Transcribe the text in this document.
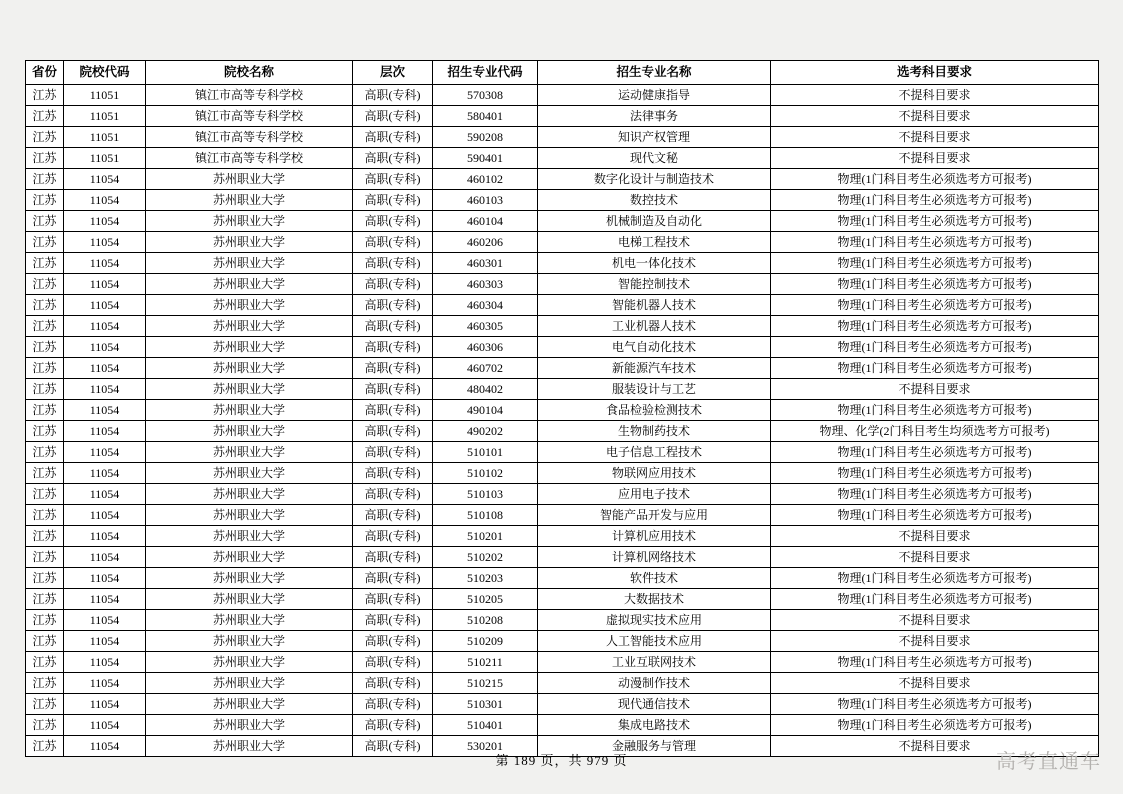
省份	院校代码	院校名称	层次	招生专业代码	招生专业名称	选考科目要求
江苏	11051	镇江市高等专科学校	高职(专科)	570308	运动健康指导	不提科目要求
江苏	11051	镇江市高等专科学校	高职(专科)	580401	法律事务	不提科目要求
江苏	11051	镇江市高等专科学校	高职(专科)	590208	知识产权管理	不提科目要求
江苏	11051	镇江市高等专科学校	高职(专科)	590401	现代文秘	不提科目要求
江苏	11054	苏州职业大学	高职(专科)	460102	数字化设计与制造技术	物理(1门科目考生必须选考方可报考)
江苏	11054	苏州职业大学	高职(专科)	460103	数控技术	物理(1门科目考生必须选考方可报考)
江苏	11054	苏州职业大学	高职(专科)	460104	机械制造及自动化	物理(1门科目考生必须选考方可报考)
江苏	11054	苏州职业大学	高职(专科)	460206	电梯工程技术	物理(1门科目考生必须选考方可报考)
江苏	11054	苏州职业大学	高职(专科)	460301	机电一体化技术	物理(1门科目考生必须选考方可报考)
江苏	11054	苏州职业大学	高职(专科)	460303	智能控制技术	物理(1门科目考生必须选考方可报考)
江苏	11054	苏州职业大学	高职(专科)	460304	智能机器人技术	物理(1门科目考生必须选考方可报考)
江苏	11054	苏州职业大学	高职(专科)	460305	工业机器人技术	物理(1门科目考生必须选考方可报考)
江苏	11054	苏州职业大学	高职(专科)	460306	电气自动化技术	物理(1门科目考生必须选考方可报考)
江苏	11054	苏州职业大学	高职(专科)	460702	新能源汽车技术	物理(1门科目考生必须选考方可报考)
江苏	11054	苏州职业大学	高职(专科)	480402	服装设计与工艺	不提科目要求
江苏	11054	苏州职业大学	高职(专科)	490104	食品检验检测技术	物理(1门科目考生必须选考方可报考)
江苏	11054	苏州职业大学	高职(专科)	490202	生物制药技术	物理、化学(2门科目考生均须选考方可报考)
江苏	11054	苏州职业大学	高职(专科)	510101	电子信息工程技术	物理(1门科目考生必须选考方可报考)
江苏	11054	苏州职业大学	高职(专科)	510102	物联网应用技术	物理(1门科目考生必须选考方可报考)
江苏	11054	苏州职业大学	高职(专科)	510103	应用电子技术	物理(1门科目考生必须选考方可报考)
江苏	11054	苏州职业大学	高职(专科)	510108	智能产品开发与应用	物理(1门科目考生必须选考方可报考)
江苏	11054	苏州职业大学	高职(专科)	510201	计算机应用技术	不提科目要求
江苏	11054	苏州职业大学	高职(专科)	510202	计算机网络技术	不提科目要求
江苏	11054	苏州职业大学	高职(专科)	510203	软件技术	物理(1门科目考生必须选考方可报考)
江苏	11054	苏州职业大学	高职(专科)	510205	大数据技术	物理(1门科目考生必须选考方可报考)
江苏	11054	苏州职业大学	高职(专科)	510208	虚拟现实技术应用	不提科目要求
江苏	11054	苏州职业大学	高职(专科)	510209	人工智能技术应用	不提科目要求
江苏	11054	苏州职业大学	高职(专科)	510211	工业互联网技术	物理(1门科目考生必须选考方可报考)
江苏	11054	苏州职业大学	高职(专科)	510215	动漫制作技术	不提科目要求
江苏	11054	苏州职业大学	高职(专科)	510301	现代通信技术	物理(1门科目考生必须选考方可报考)
江苏	11054	苏州职业大学	高职(专科)	510401	集成电路技术	物理(1门科目考生必须选考方可报考)
江苏	11054	苏州职业大学	高职(专科)	530201	金融服务与管理	不提科目要求
第 189 页，共 979 页	高考直通车
